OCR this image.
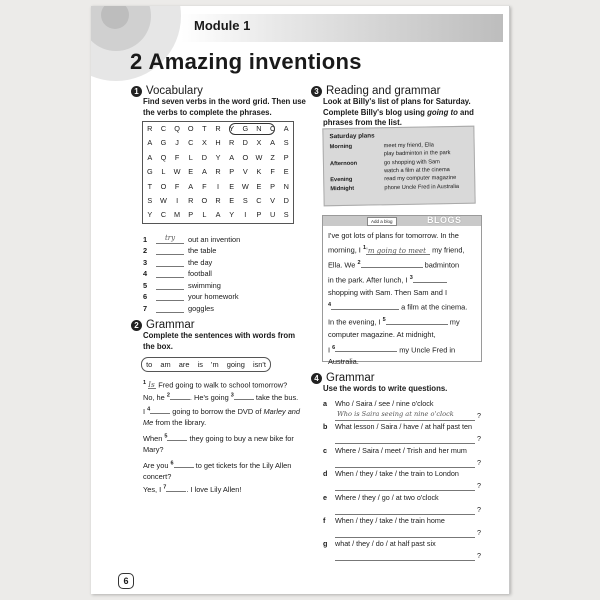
Module 1
2 Amazing inventions
1 Vocabulary
Find seven verbs in the word grid. Then use
the verbs to complete the phrases.
R	C	Q	O	T	R	Y	G	N	C	A
A	G	J	C	X	H	R	D	X	A	S
A	Q	F	L	D	Y	A	O	W	Z	P
G	L	W	E	A	R	P	V	K	F	E
T	O	F	A	F	I	E	W	E	P	N
S	W	I	R	O	R	E	S	C	V	D
Y	C	M	P	L	A	Y	I	P	U	S
1	try	out an invention
2	the table
3	the day
4	football
5	swimming
6	your homework
7	goggles
2 Grammar
Complete the sentences with words from
the box.
to am are is 'm going isn't
$^1$ Is Fred going to walk to school tomorrow?
No, he $^2$	. He's going $^3$	take the bus.
I $^4$	going to borrow the DVD of Marley and
Me from the library.
When $^5$	they going to buy a new bike for
Mary?
Are you $^6$	to get tickets for the Lily Allen
concert?
Yes, I $^7$	. I love Lily Allen!
3 Reading and grammar
Look at Billy's list of plans for Saturday.
Complete Billy's blog using going to and
phrases from the list.
Saturday plans
Morning	meet my friend, Ella
play badminton in the park
Afternoon	go shopping with Sam
watch a film at the cinema
Evening	read my computer magazine
Midnight	phone Uncle Fred in Australia
Add a blog	BLOGS
I've got lots of plans for tomorrow. In the
morning, I $^1$'m going to meet my friend,
Ella. We $^2$	badminton
in the park. After lunch, I $^3$
shopping with Sam. Then Sam and I
$^4$	a film at the cinema.
In the evening, I $^5$	my
computer magazine. At midnight,
I $^6$	my Uncle Fred in
Australia.
4 Grammar
Use the words to write questions.
a Who / Saira / see / nine o'clock
Who is Saira seeing at nine o'clock	?
b What lesson / Saira / have / at half past ten
?
c Where / Saira / meet / Trish and her mum
?
d When / they / take / the train to London
?
e Where / they / go / at two o'clock
?
f When / they / take / the train home
?
g what / they / do / at half past six
?
6
